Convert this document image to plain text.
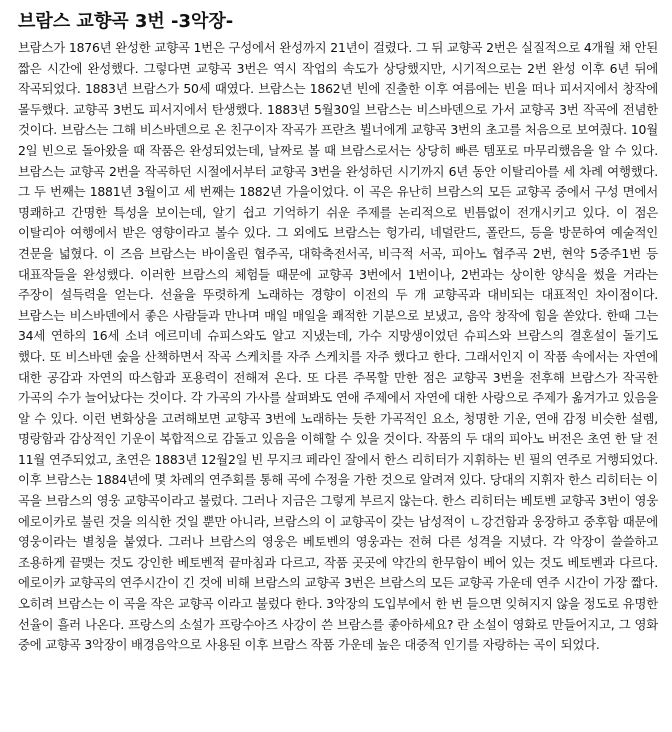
브람스 교향곡 3번 -3악장-

브람스가 1876년 완성한 교향곡 1번은 구성에서 완성까지 21년이 걸렸다. 그 뒤 교향곡 2번은 실질적으로 4개월 채 안된 짧은 시간에 완성했다. 그렇다면 교향곡 3번은 역시 작업의 속도가 상당했지만, 시기적으로는 2번 완성 이후 6년 뒤에 작곡되었다. 1883년 브람스가 50세 때였다. 브람스는 1862년 빈에 진출한 이후 여름에는 빈을 떠나 피서지에서 창작에 몰두했다. 교향곡 3번도 피서지에서 탄생했다. 1883년 5월30일 브람스는 비스바덴으로 가서 교향곡 3번 작곡에 전념한 것이다. 브람스는 그해 비스바덴으로 온 친구이자 작곡가 프란츠 뷜너에게 교향곡 3번의 초고를 처음으로 보여줬다. 10월 2일 빈으로 돌아왔을 때 작품은 완성되었는데, 날짜로 볼 때 브람스로서는 상당히 빠른 템포로 마무리했음을 알 수 있다. 브람스는 교향곡 2번을 작곡하던 시절에서부터 교향곡 3번을 완성하던 시기까지 6년 동안 이탈리아를 세 차례 여행했다. 그 두 번째는 1881년 3월이고 세 번째는 1882년 가을이었다. 이 곡은 유난히 브람스의 모든 교향곡 중에서 구성 면에서 명쾌하고 간명한 특성을 보이는데, 알기 쉽고 기억하기 쉬운 주제를 논리적으로 빈틈없이 전개시키고 있다. 이 점은 이탈리아 여행에서 받은 영향이라고 볼수 있다. 그 외에도 브람스는 헝가리, 네덜란드, 폴란드, 등을 방문하여 예술적인 견문을 넓혔다. 이 즈음 브람스는 바이올린 협주곡, 대학축전서곡, 비극적 서곡, 피아노 협주곡 2번, 현악 5중주1번 등 대표작들을 완성했다. 이러한 브람스의 체험들 때문에 교향곡 3번에서 1번이나, 2번과는 상이한 양식을 썼을 거라는 주장이 설득력을 얻는다. 선율을 뚜렷하게 노래하는 경향이 이전의 두 개 교향곡과 대비되는 대표적인 차이점이다. 브람스는 비스바덴에서 좋은 사람들과 만나며 매일 매일을 쾌적한 기분으로 보냈고, 음악 창작에 힘을 쏟았다. 한때 그는 34세 연하의 16세 소녀 에르미네 슈피스와도 알고 지냈는데, 가수 지망생이었던 슈피스와 브람스의 결혼설이 돌기도 했다. 또 비스바덴 숲을 산책하면서 작곡 스케치를 자주 스케치를 자주 했다고 한다. 그래서인지 이 작품 속에서는 자연에 대한 공감과 자연의 따스함과 포용력이 전해져 온다. 또 다른 주목할 만한 점은 교향곡 3번을 전후해 브람스가 작곡한 가곡의 수가 늘어났다는 것이다. 각 가곡의 가사를 살펴봐도 연애 주제에서 자연에 대한 사랑으로 주제가 옮겨가고 있음을 알 수 있다. 이런 변화상을 고려해보면 교향곡 3번에 노래하는 듯한 가곡적인 요소, 청명한 기운, 연애 감정 비슷한 설렘, 명랑함과 감상적인 기운이 복합적으로 감돌고 있음을 이해할 수 있을 것이다. 작품의 두 대의 피아노 버전은 초연 한 달 전 11월 연주되었고, 초연은 1883년 12월2일 빈 무지크 페라인 잘에서 한스 리히터가 지휘하는 빈 필의 연주로 거행되었다. 이후 브람스는 1884년에 몇 차례의 연주회를 통해 곡에 수정을 가한 것으로 알려져 있다. 당대의 지휘자 한스 리히터는 이 곡을 브람스의 영웅 교향곡이라고 불렀다. 그러나 지금은 그렇게 부르지 않는다. 한스 리히터는 베토벤 교향곡 3번이 영웅 에로이카로 불린 것을 의식한 것일 뿐만 아니라, 브람스의 이 교향곡이 갖는 남성적이 ㄴ강건함과 웅장하고 중후함 때문에 영웅이라는 별칭을 붙였다. 그러나 브람스의 영웅은 베토벤의 영웅과는 전혀 다른 성격을 지녔다. 각 악장이 쓸쓸하고 조용하게 끝맺는 것도 강인한 베토벤적 끝마침과 다르고, 작품 곳곳에 약간의 한무함이 베어 있는 것도 베토벤과 다르다. 에로이카 교향곡의 연주시간이 긴 것에 비해 브람스의 교향곡 3번은 브람스의 모든 교향곡 가운데 연주 시간이 가장 짧다. 오히려 브람스는 이 곡을 작은 교향곡 이라고 불렀다 한다. 3악장의 도입부에서 한 번 들으면 잊혀지지 않을 정도로 유명한 선율이 흘러 나온다. 프랑스의 소설가 프랑수아즈 사강이 쓴 브람스를 좋아하세요? 란 소설이 영화로 만들어지고, 그 영화 중에 교향곡 3악장이 배경음악으로 사용된 이후 브람스 작품 가운데 높은 대중적 인기를 자랑하는 곡이 되었다.
